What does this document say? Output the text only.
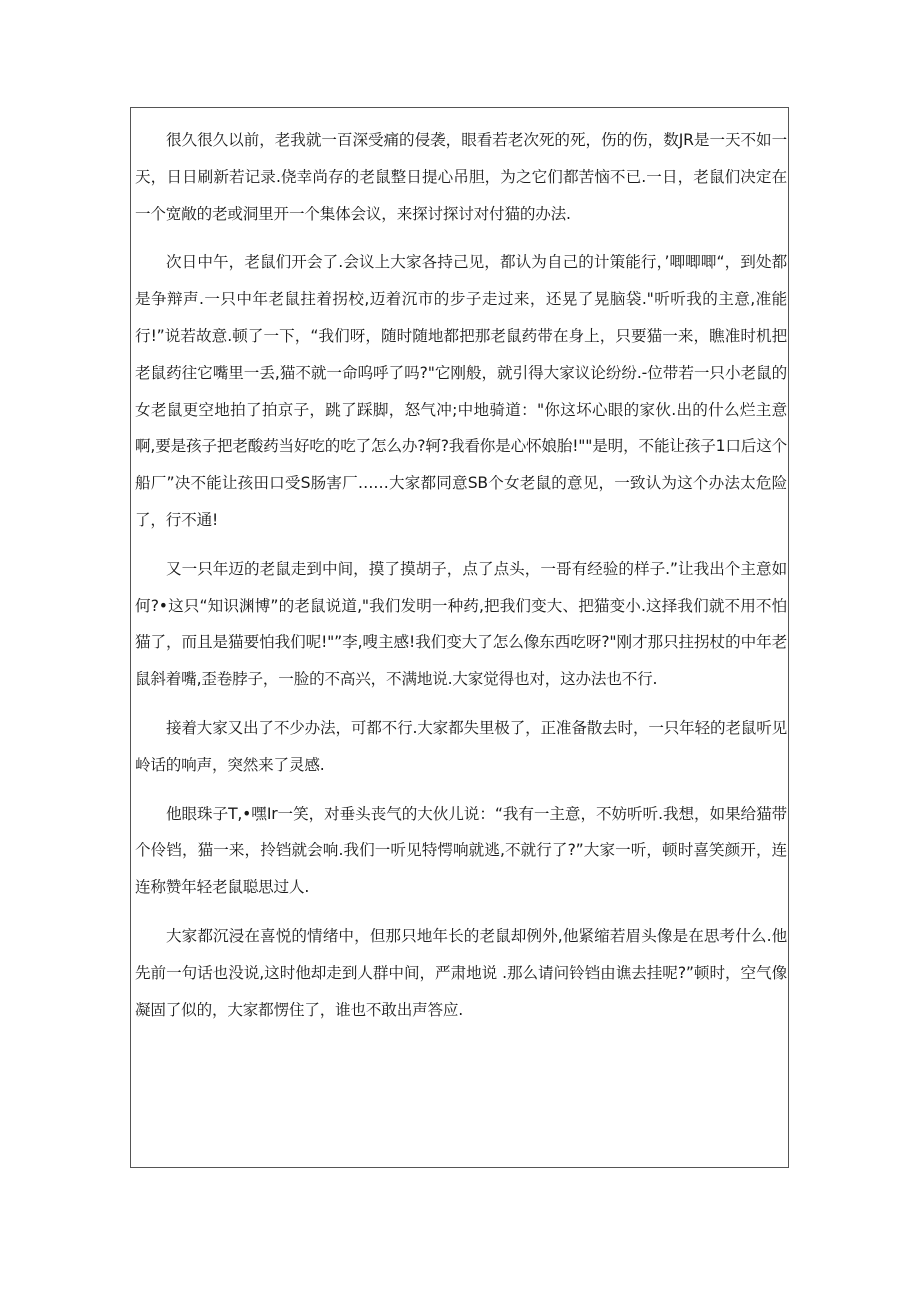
很久很久以前，老我就一百深受痛的侵袭，眼看若老次死的死，伤的伤，数JR是一天不如一天，日日刷新若记录.侥幸尚存的老鼠整日提心吊胆，为之它们都苦恼不已.一日，老鼠们决定在一个宽敞的老或洞里开一个集体会议，来探讨探讨对付猫的办法.

次日中午，老鼠们开会了.会议上大家各持己见，都认为自己的计策能行，’唧唧唧“，到处都是争辩声.一只中年老鼠拄着拐校,迈着沉市的步子走过来，还晃了晃脑袋."听听我的主意,准能行!”说若故意.顿了一下，“我们呀，随时随地都把那老鼠药带在身上，只要猫一来，瞧准时机把老鼠药往它嘴里一丢,猫不就一命呜呼了吗?"它刚般，就引得大家议论纷纷.-位带若一只小老鼠的女老鼠更空地拍了拍京子，跳了踩脚，怒气冲;中地骑道："你这坏心眼的家伙.出的什么烂主意啊,要是孩子把老酸药当好吃的吃了怎么办?轲?我看你是心怀娘胎!""是明，不能让孩子1口后这个船厂”决不能让孩田口受S肠害厂……大家都同意SB个女老鼠的意见，一致认为这个办法太危险了，行不通!

又一只年迈的老鼠走到中间，摸了摸胡子，点了点头，一哥有经验的样子.”让我出个主意如何?•这只“知识渊博”的老鼠说道,"我们发明一种药,把我们变大、把猫变小.这择我们就不用不怕猫了，而且是猫要怕我们呢!"”李,嗖主感!我们变大了怎么像东西吃呀?"刚才那只拄拐杖的中年老鼠斜着嘴,歪卷脖子，一脸的不高兴，不满地说.大家觉得也对，这办法也不行.

接着大家又出了不少办法，可都不行.大家都失里极了，正准备散去时，一只年轻的老鼠听见岭话的响声，突然来了灵感.

他眼珠子T,•嘿Ir一笑，对垂头丧气的大伙儿说：“我有一主意，不妨听听.我想，如果给猫带个伶铛，猫一来，拎铛就会响.我们一听见特愕响就逃,不就行了?”大家一听，顿时喜笑颜开，连连称赞年轻老鼠聪思过人.

大家都沉浸在喜悦的情绪中，但那只地年长的老鼠却例外,他紧缩若眉头像是在思考什么.他先前一句话也没说,这时他却走到人群中间，严肃地说 .那么请问铃铛由谯去挂呢?”顿时，空气像凝固了似的，大家都愣住了，谁也不敢出声答应.
